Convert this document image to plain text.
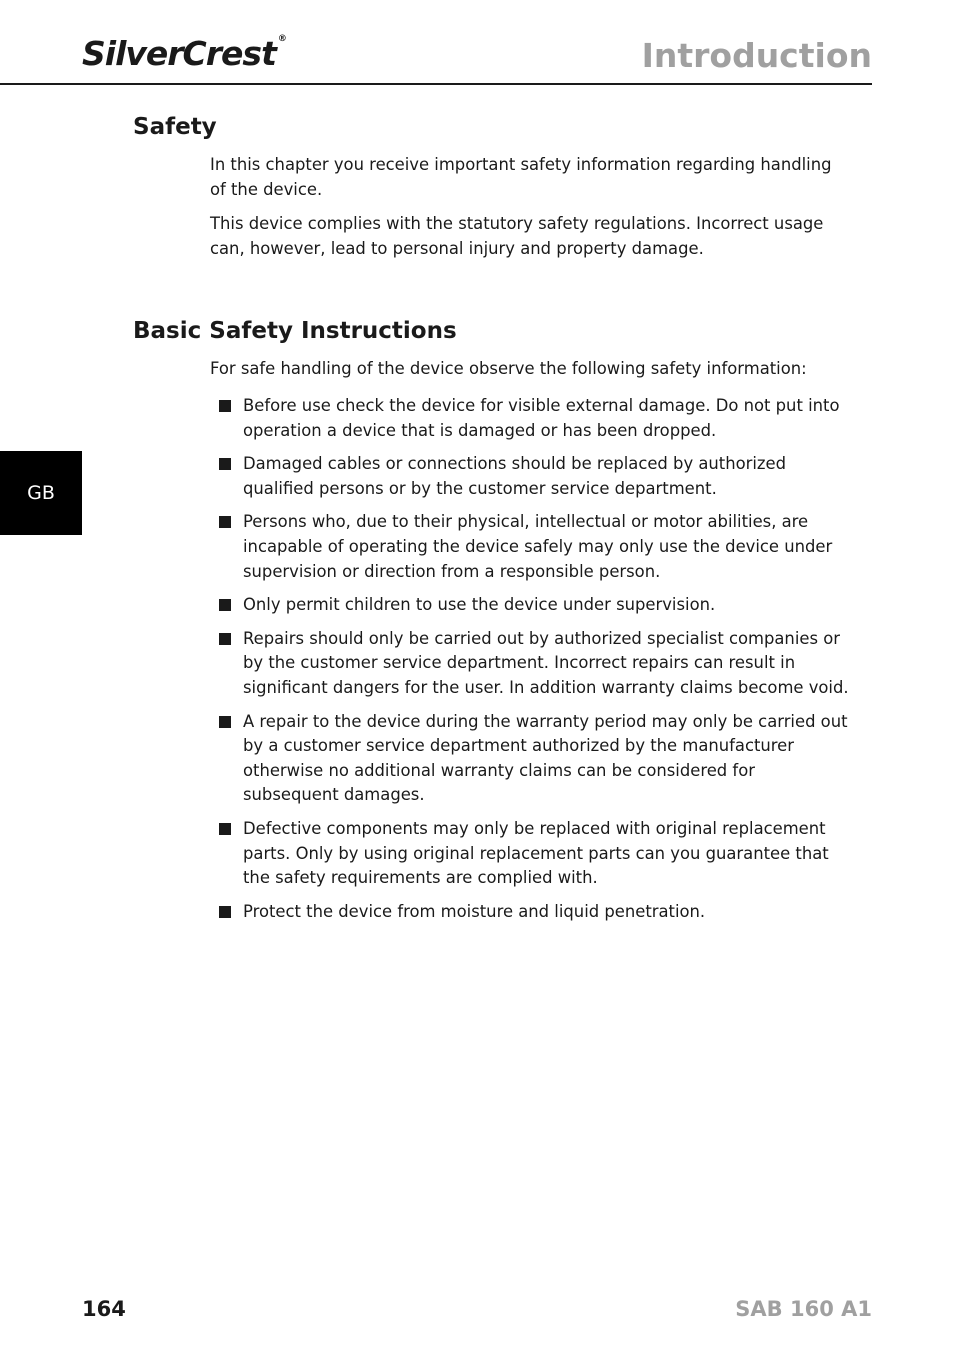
SilverCrest ®	Introduction
GB
Safety

In this chapter you receive important safety information regarding handling of the device.

This device complies with the statutory safety regulations. Incorrect usage can, however, lead to personal injury and property damage.

Basic Safety Instructions

For safe handling of the device observe the following safety information:

Before use check the device for visible external damage. Do not put into operation a device that is damaged or has been dropped.
Damaged cables or connections should be replaced by authorized qualified persons or by the customer service department.
Persons who, due to their physical, intellectual or motor abilities, are incapable of operating the device safely may only use the device under supervision or direction from a responsible person.
Only permit children to use the device under supervision.
Repairs should only be carried out by authorized specialist companies or by the customer service department. Incorrect repairs can result in significant dangers for the user. In addition warranty claims become void.
A repair to the device during the warranty period may only be carried out by a customer service department authorized by the manufacturer otherwise no additional warranty claims can be considered for subsequent damages.
Defective components may only be replaced with original replacement parts. Only by using original replacement parts can you guarantee that the safety requirements are complied with.
Protect the device from moisture and liquid penetration.
164	SAB 160 A1
